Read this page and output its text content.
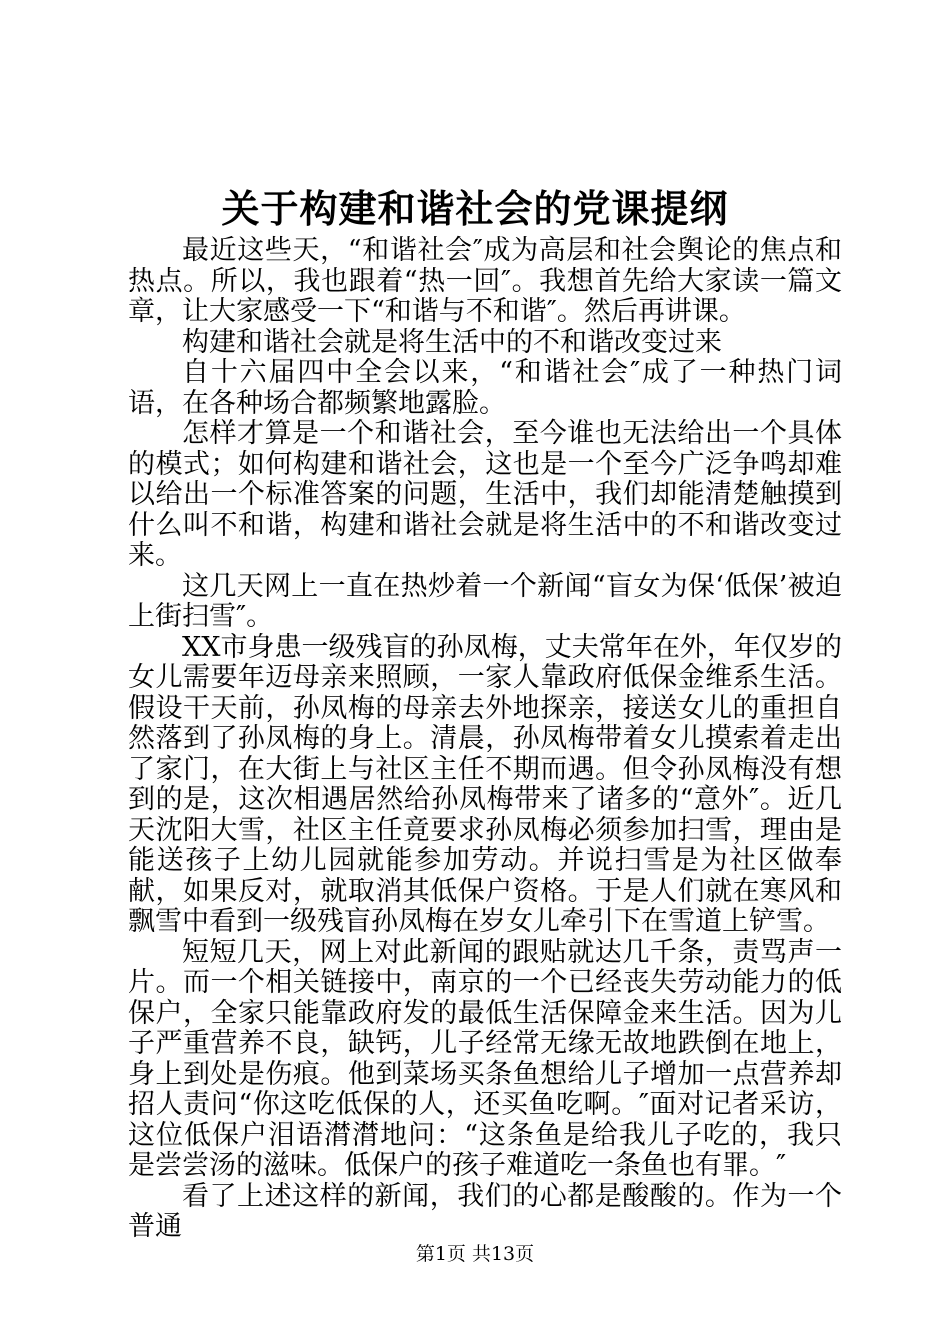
关于构建和谐社会的党课提纲

最近这些天，“和谐社会″成为高层和社会舆论的焦点和热点。所以，我也跟着“热一回″。我想首先给大家读一篇文章，让大家感受一下“和谐与不和谐″。然后再讲课。

构建和谐社会就是将生活中的不和谐改变过来

自十六届四中全会以来，“和谐社会″成了一种热门词语，在各种场合都频繁地露脸。

怎样才算是一个和谐社会，至今谁也无法给出一个具体的模式；如何构建和谐社会，这也是一个至今广泛争鸣却难以给出一个标准答案的问题，生活中，我们却能清楚触摸到什么叫不和谐，构建和谐社会就是将生活中的不和谐改变过来。

这几天网上一直在热炒着一个新闻“盲女为保‘低保’被迫上街扫雪″。

XX市身患一级残盲的孙凤梅，丈夫常年在外，年仅岁的女儿需要年迈母亲来照顾，一家人靠政府低保金维系生活。假设干天前，孙凤梅的母亲去外地探亲，接送女儿的重担自然落到了孙凤梅的身上。清晨，孙凤梅带着女儿摸索着走出了家门，在大街上与社区主任不期而遇。但令孙凤梅没有想到的是，这次相遇居然给孙凤梅带来了诸多的“意外″。近几天沈阳大雪，社区主任竟要求孙凤梅必须参加扫雪，理由是能送孩子上幼儿园就能参加劳动。并说扫雪是为社区做奉献，如果反对，就取消其低保户资格。于是人们就在寒风和飘雪中看到一级残盲孙凤梅在岁女儿牵引下在雪道上铲雪。

短短几天，网上对此新闻的跟贴就达几千条，责骂声一片。而一个相关链接中，南京的一个已经丧失劳动能力的低保户，全家只能靠政府发的最低生活保障金来生活。因为儿子严重营养不良，缺钙，儿子经常无缘无故地跌倒在地上，身上到处是伤痕。他到菜场买条鱼想给儿子增加一点营养却招人责问“你这吃低保的人，还买鱼吃啊。″面对记者采访，这位低保户泪语潸潸地问：“这条鱼是给我儿子吃的，我只是尝尝汤的滋味。低保户的孩子难道吃一条鱼也有罪。″

看了上述这样的新闻，我们的心都是酸酸的。作为一个普通

第1页 共13页
